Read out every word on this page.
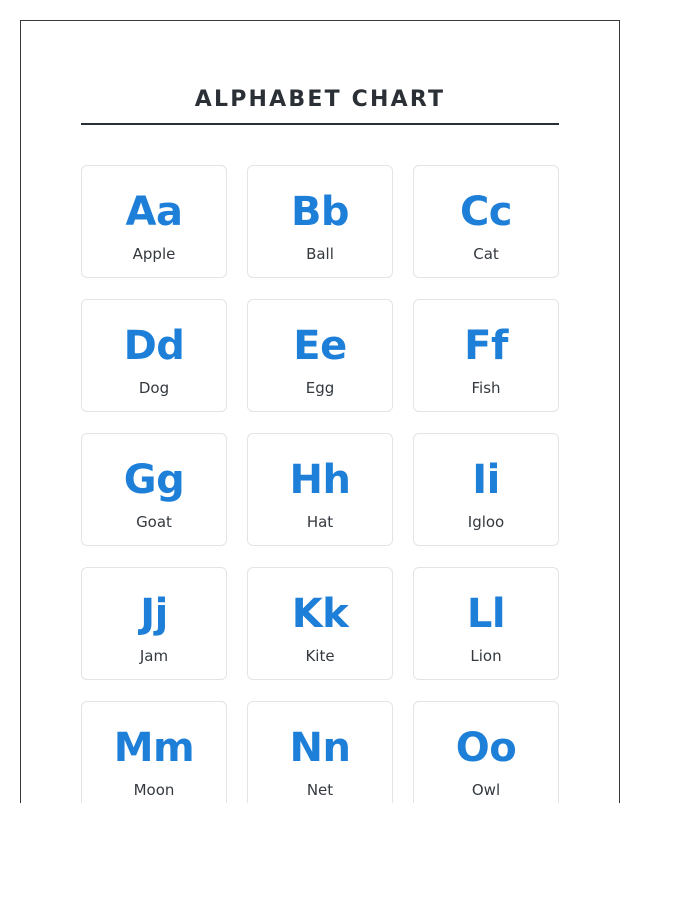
ALPHABET CHART
Aa
Apple
Bb
Ball
Cc
Cat
Dd
Dog
Ee
Egg
Ff
Fish
Gg
Goat
Hh
Hat
Ii
Igloo
Jj
Jam
Kk
Kite
Ll
Lion
Mm
Moon
Nn
Net
Oo
Owl
